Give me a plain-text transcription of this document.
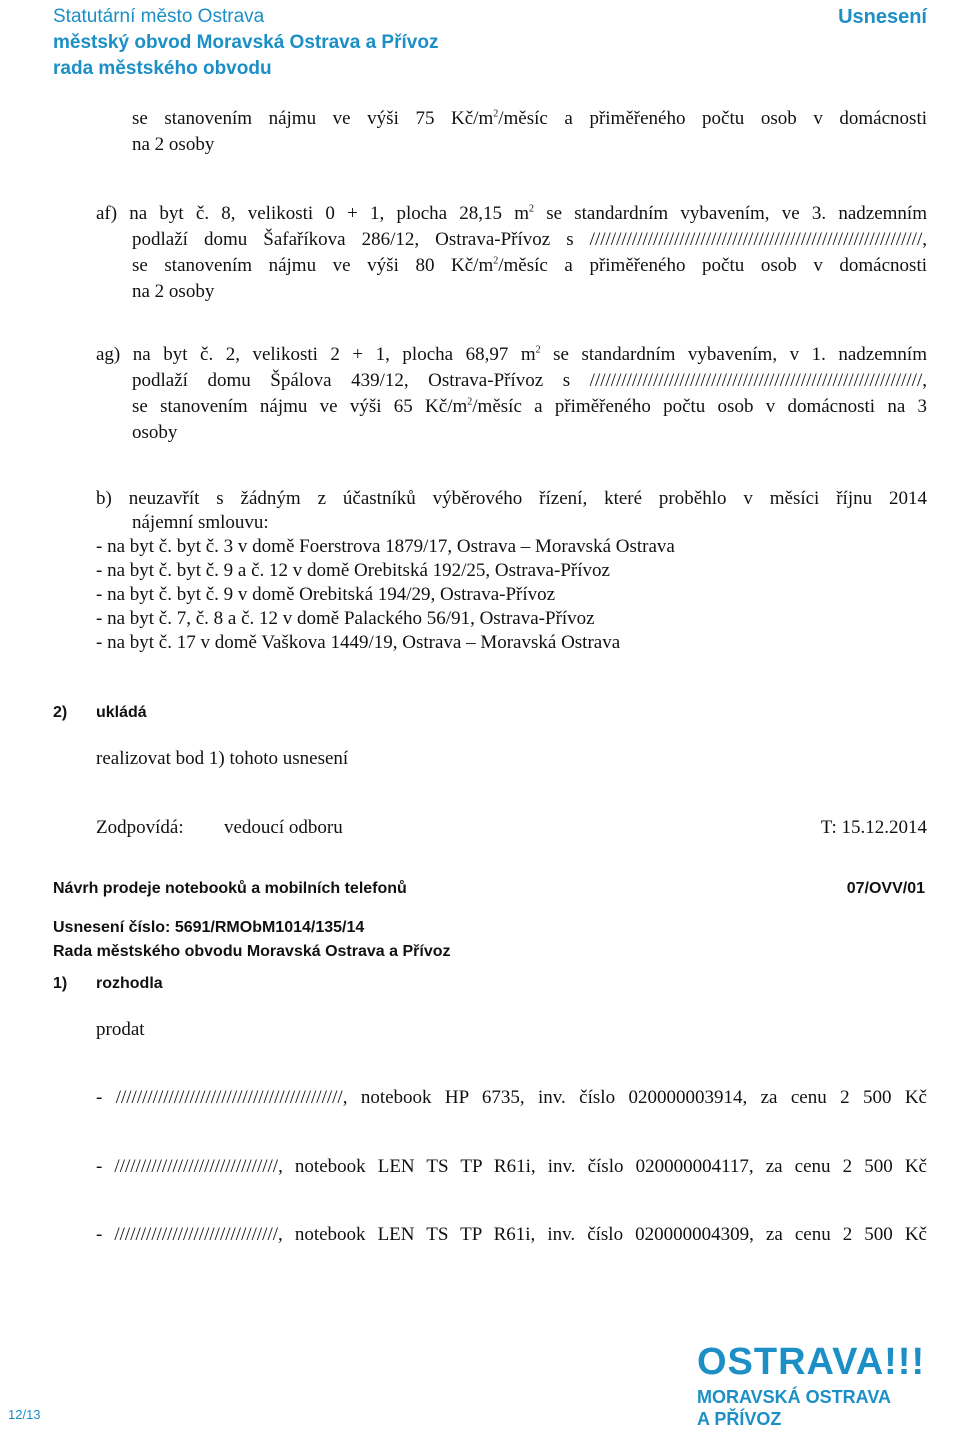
Statutární město Ostrava
městský obvod Moravská Ostrava a Přívoz
rada městského obvodu
Usnesení
se stanovením nájmu ve výši 75 $Kč/m^2$/měsíc a přiměřeného počtu osob v domácnosti
na 2 osoby
af) na byt č. 8, velikosti 0 + 1, plocha 28,15 $m^2$ se standardním vybavením, ve 3. nadzemním
podlaží domu Šafaříkova 286/12, Ostrava-Přívoz s ///////////////////////////////////////////////////////////////,
se stanovením nájmu ve výši 80 $Kč/m^2$/měsíc a přiměřeného počtu osob v domácnosti
na 2 osoby
ag) na byt č. 2, velikosti 2 + 1, plocha 68,97 $m^2$ se standardním vybavením, v 1. nadzemním
podlaží domu Špálova 439/12, Ostrava-Přívoz s ///////////////////////////////////////////////////////////////,
se stanovením nájmu ve výši 65 $Kč/m^2$/měsíc a přiměřeného počtu osob v domácnosti na 3
osoby
b) neuzavřít s žádným z účastníků výběrového řízení, které proběhlo v měsíci říjnu 2014
nájemní smlouvu:
- na byt č. byt č. 3 v domě Foerstrova 1879/17, Ostrava – Moravská Ostrava
- na byt č. byt č. 9 a č. 12 v domě Orebitská 192/25, Ostrava-Přívoz
- na byt č. byt č. 9 v domě Orebitská 194/29, Ostrava-Přívoz
- na byt č. 7, č. 8 a č. 12 v domě Palackého 56/91, Ostrava-Přívoz
- na byt č. 17 v domě Vaškova 1449/19, Ostrava – Moravská Ostrava
2) ukládá
realizovat bod 1) tohoto usnesení
Zodpovídá: vedoucí odboru	T: 15.12.2014
Návrh prodeje notebooků a mobilních telefonů	07/OVV/01
Usnesení číslo: 5691/RMObM1014/135/14
Rada městského obvodu Moravská Ostrava a Přívoz
1) rozhodla
prodat
- ///////////////////////////////////////////, notebook HP 6735, inv. číslo 020000003914, za cenu 2 500 Kč
- ///////////////////////////////, notebook LEN TS TP R61i, inv. číslo 020000004117, za cenu 2 500 Kč
- ///////////////////////////////, notebook LEN TS TP R61i, inv. číslo 020000004309, za cenu 2 500 Kč
12/13
OSTRAVA!!!
MORAVSKÁ OSTRAVA
A PŘÍVOZ
